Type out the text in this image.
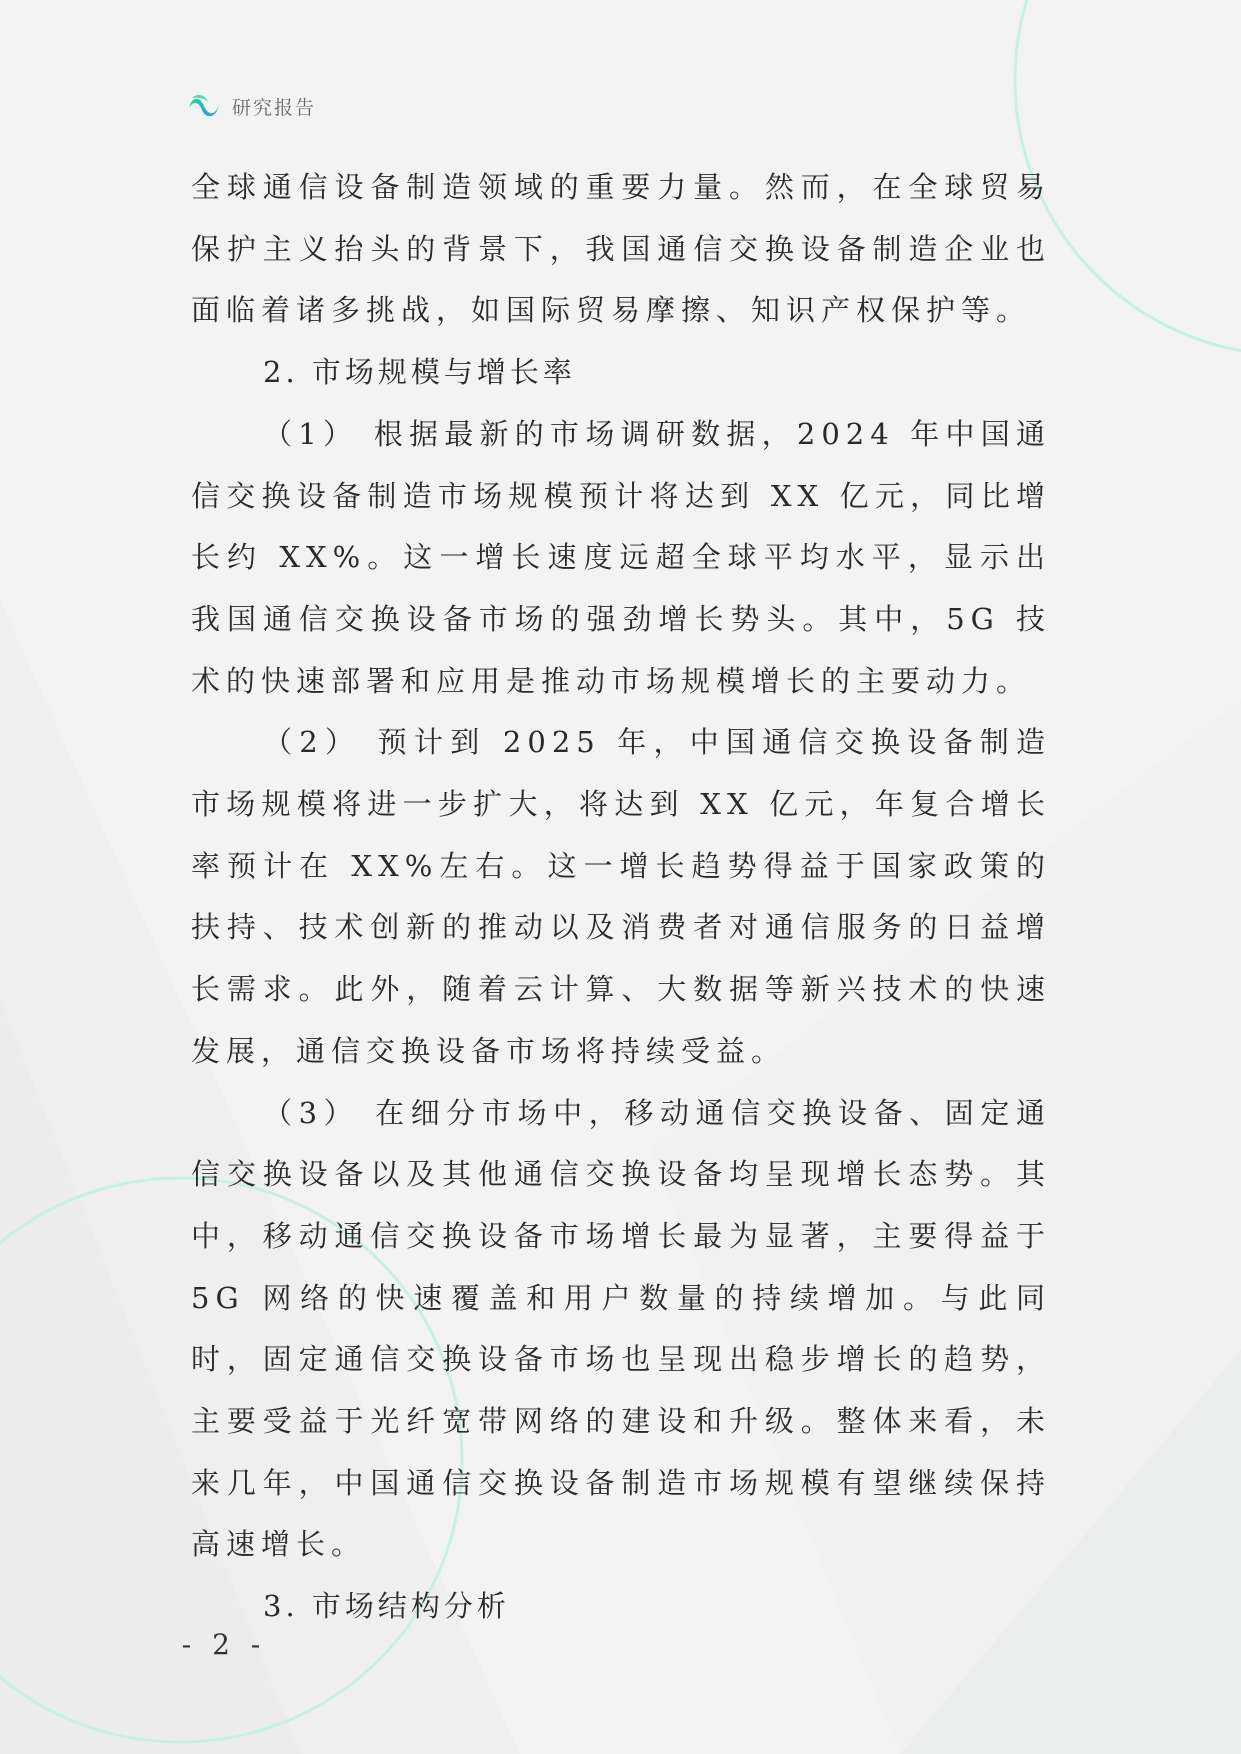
研究报告

全球通信设备制造领域的重要力量。然而，在全球贸易保护主义抬头的背景下，我国通信交换设备制造企业也面临着诸多挑战，如国际贸易摩擦、知识产权保护等。

2. 市场规模与增长率

（1） 根据最新的市场调研数据，2024 年中国通信交换设备制造市场规模预计将达到 XX 亿元，同比增长约 XX%。这一增长速度远超全球平均水平，显示出我国通信交换设备市场的强劲增长势头。其中，5G 技术的快速部署和应用是推动市场规模增长的主要动力。

（2） 预计到 2025 年，中国通信交换设备制造市场规模将进一步扩大，将达到 XX 亿元，年复合增长率预计在 XX%左右。这一增长趋势得益于国家政策的扶持、技术创新的推动以及消费者对通信服务的日益增长需求。此外，随着云计算、大数据等新兴技术的快速发展，通信交换设备市场将持续受益。

（3） 在细分市场中，移动通信交换设备、固定通信交换设备以及其他通信交换设备均呈现增长态势。其中，移动通信交换设备市场增长最为显著，主要得益于 5G 网络的快速覆盖和用户数量的持续增加。与此同时，固定通信交换设备市场也呈现出稳步增长的趋势，主要受益于光纤宽带网络的建设和升级。整体来看，未来几年，中国通信交换设备制造市场规模有望继续保持高速增长。

3. 市场结构分析

- 2 -
